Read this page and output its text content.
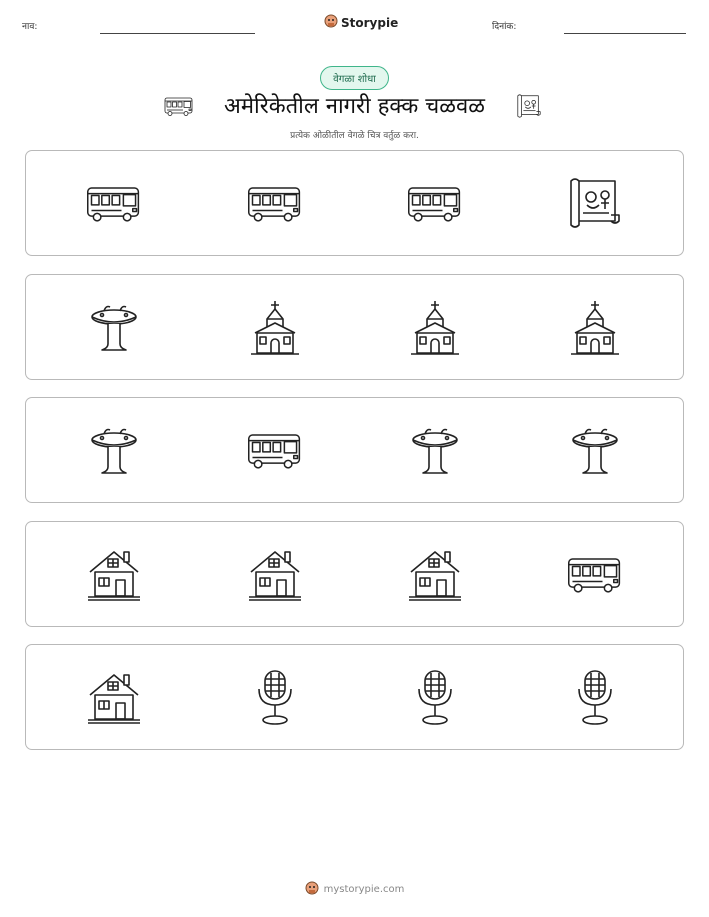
नाव:	Storypie	दिनांक:
वेगळा शोधा
अमेरिकेतील नागरी हक्क चळवळ
प्रत्येक ओळीतील वेगळे चित्र वर्तुळ करा.
mystorypie.com
